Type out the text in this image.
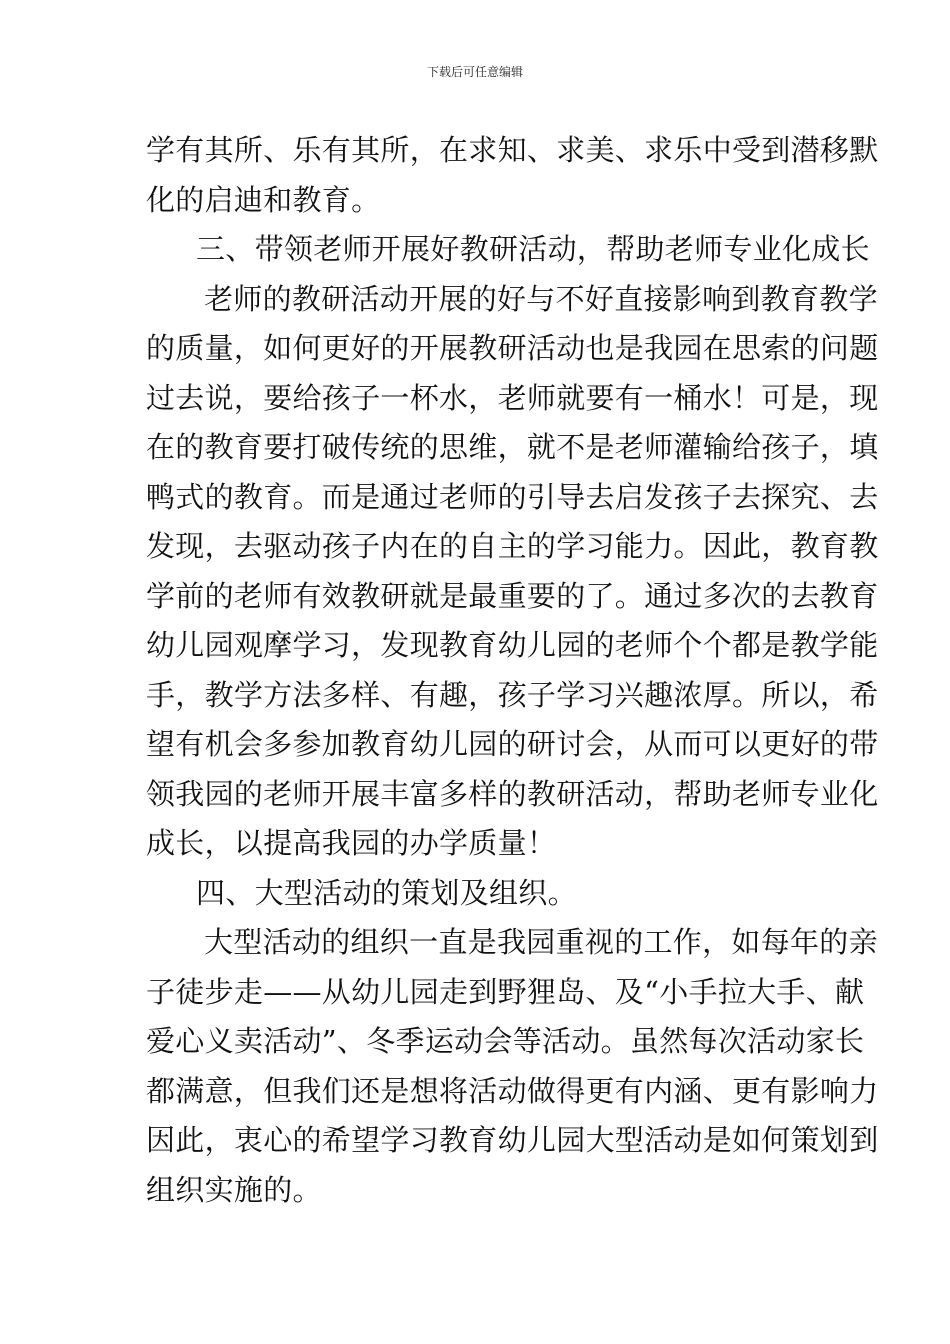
下载后可任意编辑
学有其所、乐有其所，在求知、求美、求乐中受到潜移默
化的启迪和教育。
三、带领老师开展好教研活动，帮助老师专业化成长
老师的教研活动开展的好与不好直接影响到教育教学
的质量，如何更好的开展教研活动也是我园在思索的问题
过去说，要给孩子一杯水，老师就要有一桶水！可是，现
在的教育要打破传统的思维，就不是老师灌输给孩子，填
鸭式的教育。而是通过老师的引导去启发孩子去探究、去
发现，去驱动孩子内在的自主的学习能力。因此，教育教
学前的老师有效教研就是最重要的了。通过多次的去教育
幼儿园观摩学习，发现教育幼儿园的老师个个都是教学能
手，教学方法多样、有趣，孩子学习兴趣浓厚。所以，希
望有机会多参加教育幼儿园的研讨会，从而可以更好的带
领我园的老师开展丰富多样的教研活动，帮助老师专业化
成长，以提高我园的办学质量！
四、大型活动的策划及组织。
大型活动的组织一直是我园重视的工作，如每年的亲
子徒步走——从幼儿园走到野狸岛、及“小手拉大手、献
爱心义卖活动”、冬季运动会等活动。虽然每次活动家长
都满意，但我们还是想将活动做得更有内涵、更有影响力
因此，衷心的希望学习教育幼儿园大型活动是如何策划到
组织实施的。
